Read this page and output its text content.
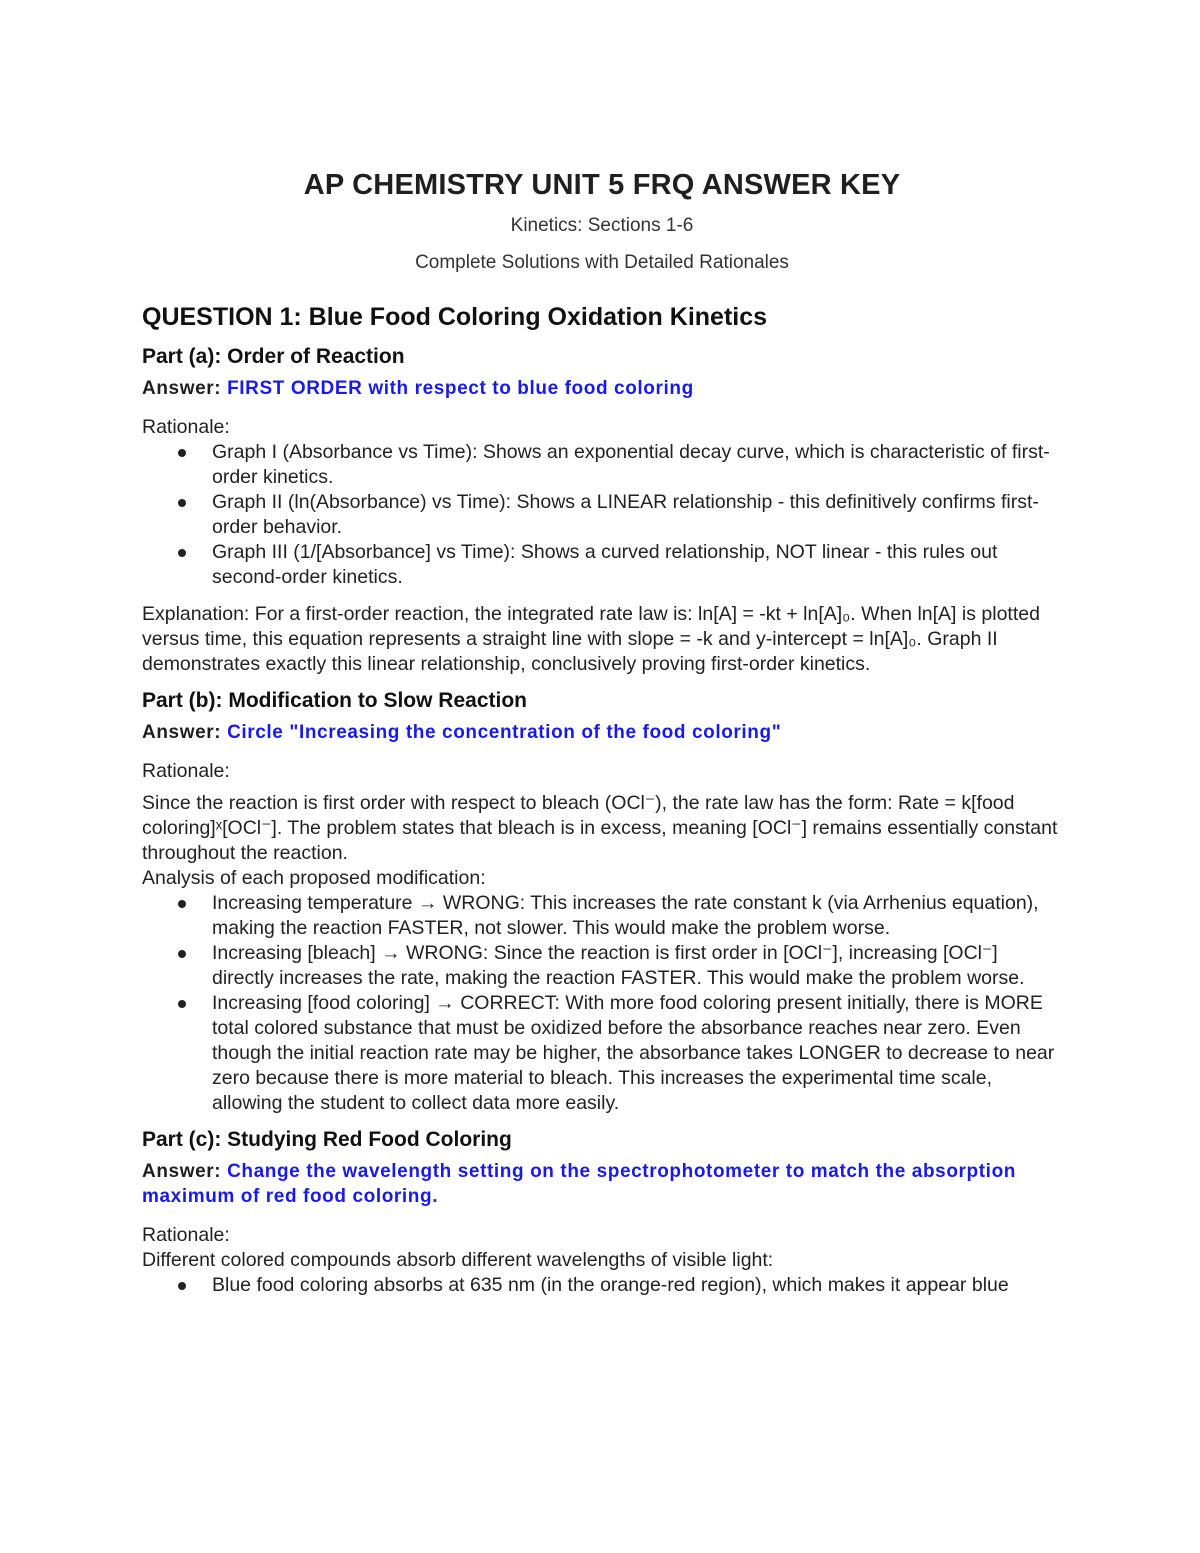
AP CHEMISTRY UNIT 5 FRQ ANSWER KEY

Kinetics: Sections 1-6

Complete Solutions with Detailed Rationales

QUESTION 1: Blue Food Coloring Oxidation Kinetics
Part (a): Order of Reaction
Answer: FIRST ORDER with respect to blue food coloring

Rationale:

Graph I (Absorbance vs Time): Shows an exponential decay curve, which is characteristic of first-order kinetics.
Graph II (ln(Absorbance) vs Time): Shows a LINEAR relationship - this definitively confirms first-order behavior.
Graph III (1/[Absorbance] vs Time): Shows a curved relationship, NOT linear - this rules out second-order kinetics.

Explanation: For a first-order reaction, the integrated rate law is: ln[A] = -kt + ln[A]₀. When ln[A] is plotted versus time, this equation represents a straight line with slope = -k and y-intercept = ln[A]₀. Graph II demonstrates exactly this linear relationship, conclusively proving first-order kinetics.

Part (b): Modification to Slow Reaction
Answer: Circle "Increasing the concentration of the food coloring"

Rationale:

Since the reaction is first order with respect to bleach (OCl⁻), the rate law has the form: Rate = k[food coloring]ˣ[OCl⁻]. The problem states that bleach is in excess, meaning [OCl⁻] remains essentially constant throughout the reaction.

Analysis of each proposed modification:

Increasing temperature → WRONG: This increases the rate constant k (via Arrhenius equation), making the reaction FASTER, not slower. This would make the problem worse.
Increasing [bleach] → WRONG: Since the reaction is first order in [OCl⁻], increasing [OCl⁻] directly increases the rate, making the reaction FASTER. This would make the problem worse.
Increasing [food coloring] → CORRECT: With more food coloring present initially, there is MORE total colored substance that must be oxidized before the absorbance reaches near zero. Even though the initial reaction rate may be higher, the absorbance takes LONGER to decrease to near zero because there is more material to bleach. This increases the experimental time scale, allowing the student to collect data more easily.
Part (c): Studying Red Food Coloring
Answer: Change the wavelength setting on the spectrophotometer to match the absorption maximum of red food coloring.

Rationale:

Different colored compounds absorb different wavelengths of visible light:

Blue food coloring absorbs at 635 nm (in the orange-red region), which makes it appear blue
